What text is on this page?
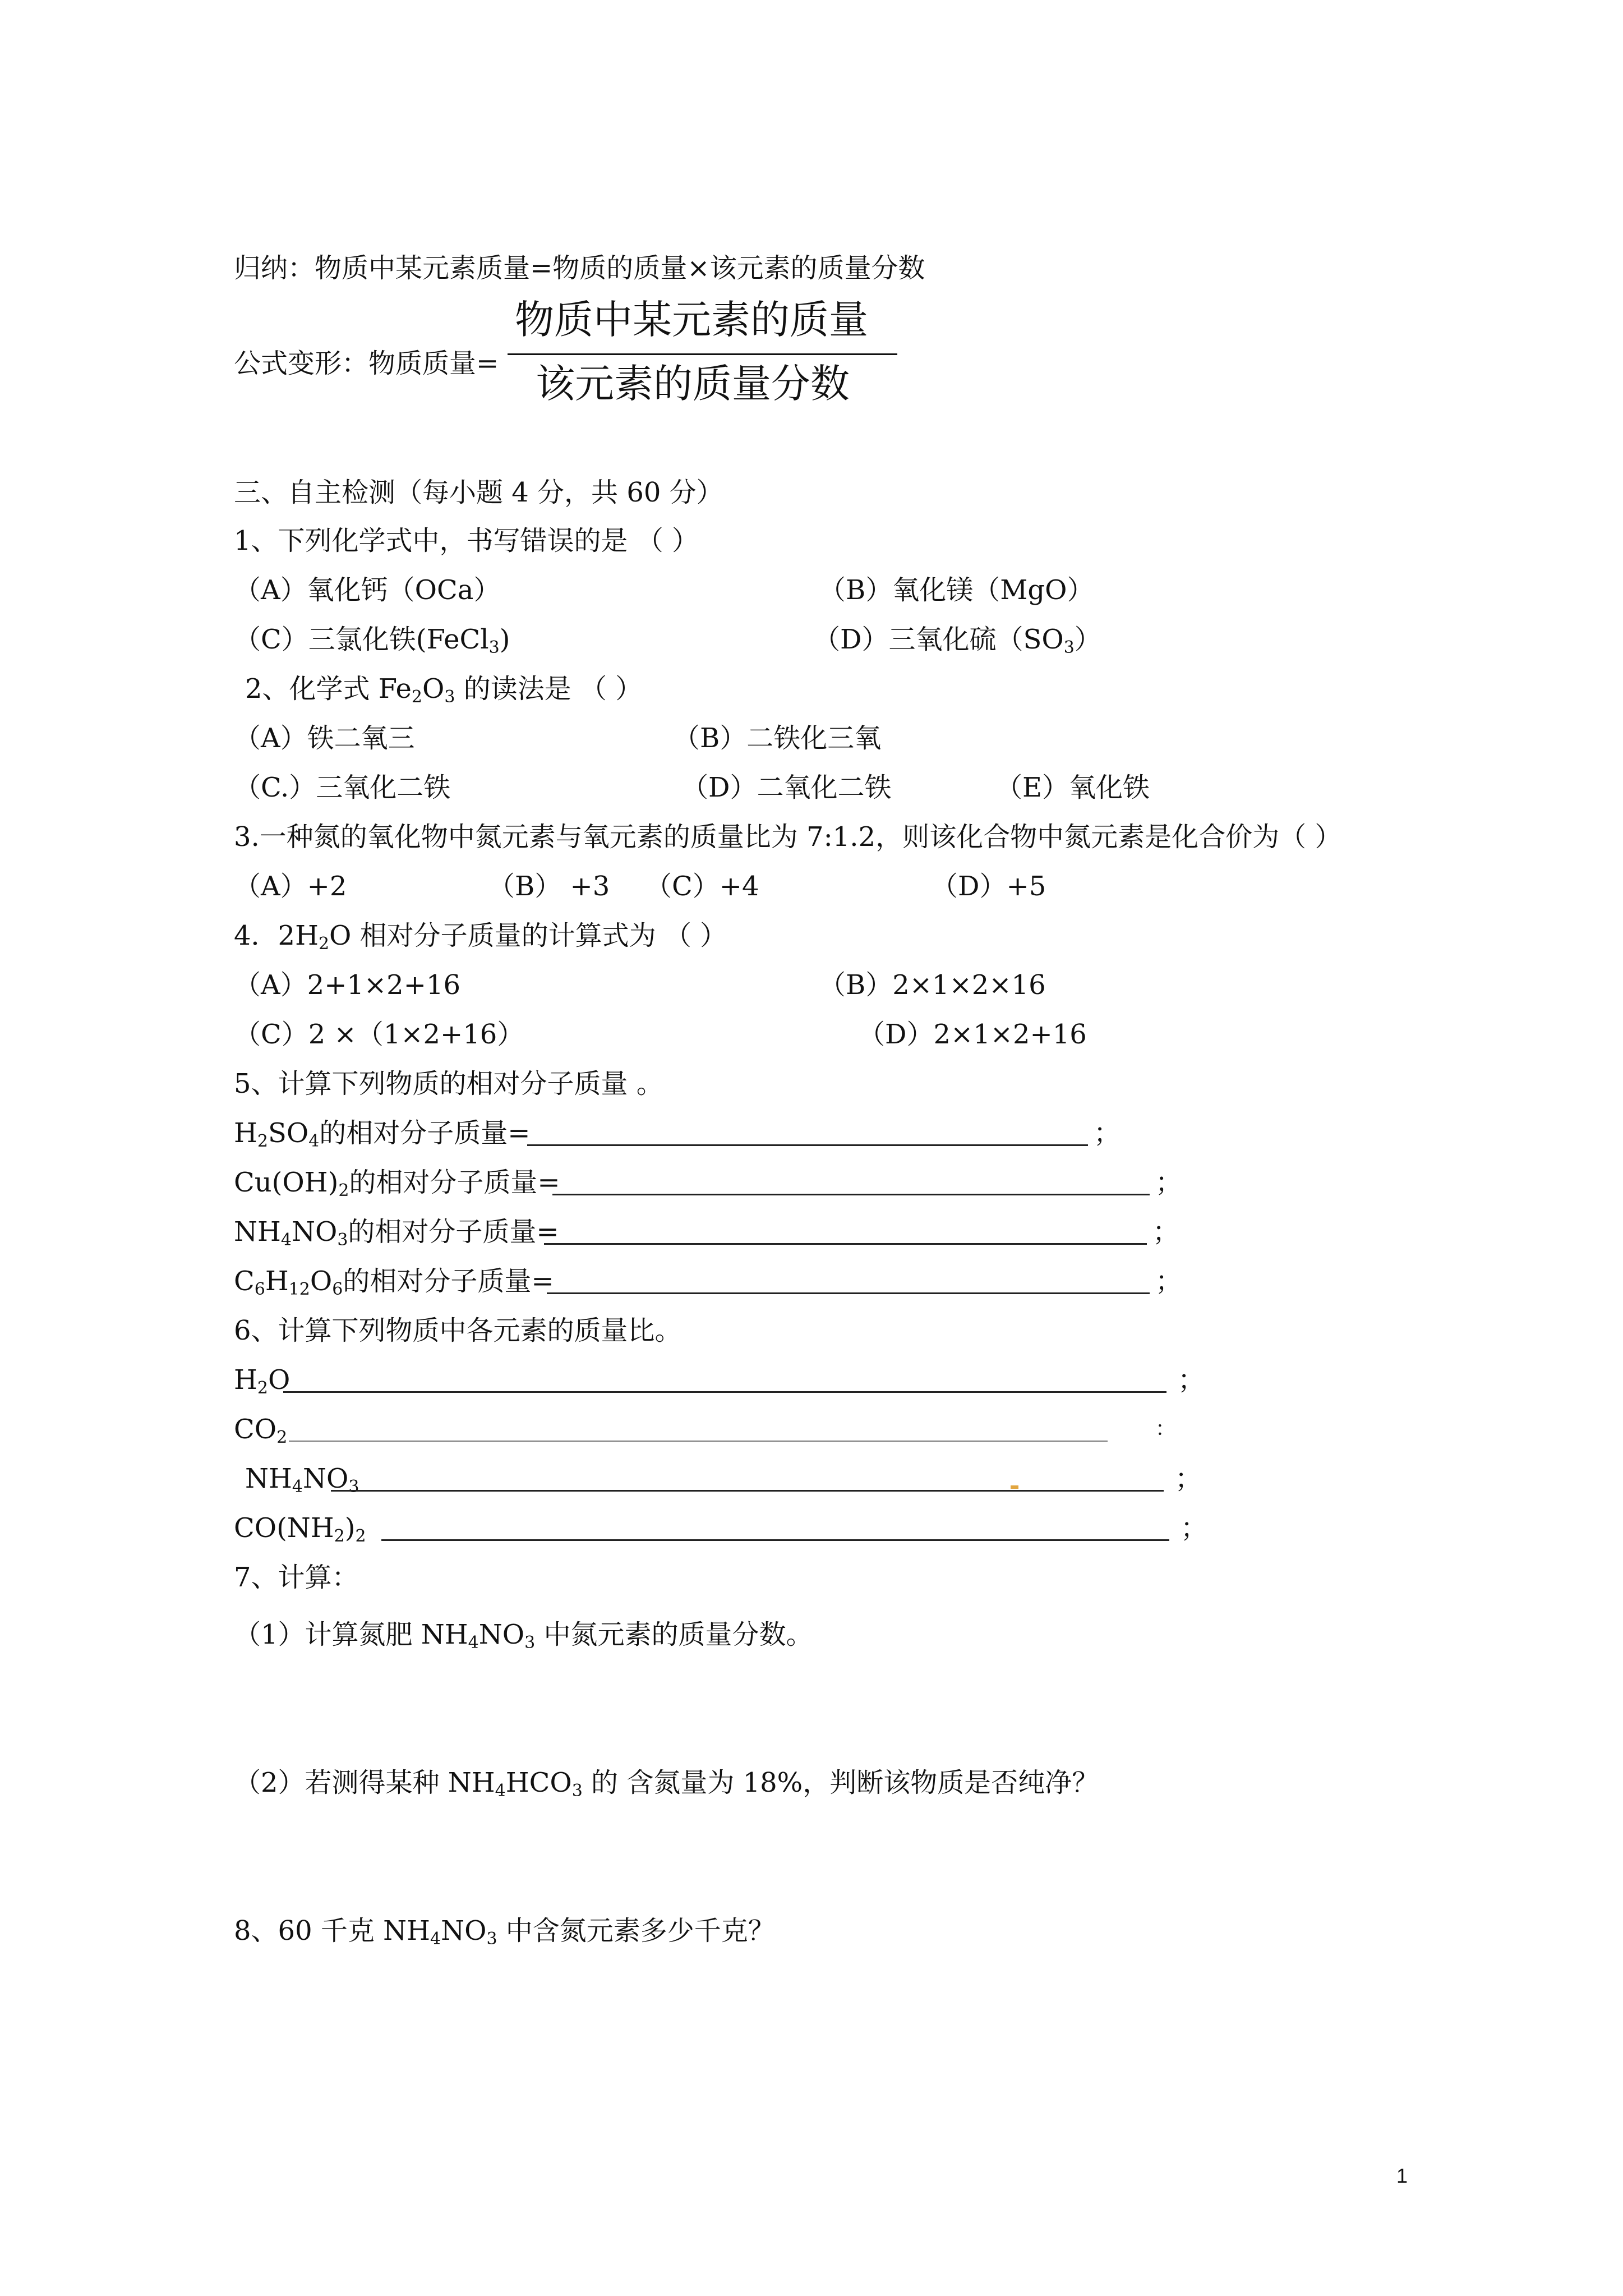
归纳：物质中某元素质量=物质的质量×该元素的质量分数
公式变形：物质质量=
物质中某元素的质量
该元素的质量分数
三、自主检测（每小题 4 分，共 60 分）
1、下列化学式中，书写错误的是 （ ）
（A）氧化钙（OCa）	（B）氧化镁（MgO）
（C）三氯化铁(FeCl$_3$)	（D）三氧化硫$(SO_3)$
2、化学式 $Fe_2O_3$ 的读法是 （ ）
（A）铁二氧三	（B）二铁化三氧
（C.）三氧化二铁	（D）二氧化二铁	（E）氧化铁
3.一种氮的氧化物中氮元素与氧元素的质量比为 7:1.2，则该化合物中氮元素是化合价为（ ）
（A）+2	（B） +3 （C）+4	（D）+5
4．$2H_2O$ 相对分子质量的计算式为 （ ）
（A）2+1×2+16	（B）2×1×2×16
（C）2 ×（1×2+16）	（D）2×1×2+16
5、计算下列物质的相对分子质量 。
$H_2SO_4$的相对分子质量=	；
$Cu(OH)_2$的相对分子质量=	；
$NH_4NO_3$的相对分子质量=	；
$C_6H_{12}O_6$的相对分子质量=	；
6、计算下列物质中各元素的质量比。
$H_2O$	；
$CO_2$	：
$NH_4NO_3$	；
$CO(NH_2)_2$	；
7、计算：
（1）计算氮肥 $NH_4NO_3$ 中氮元素的质量分数。
（2）若测得某种 $NH_4HCO_3$ 的 含氮量为 18%，判断该物质是否纯净？
8、60 千克 $NH_4NO_3$ 中含氮元素多少千克？
1
